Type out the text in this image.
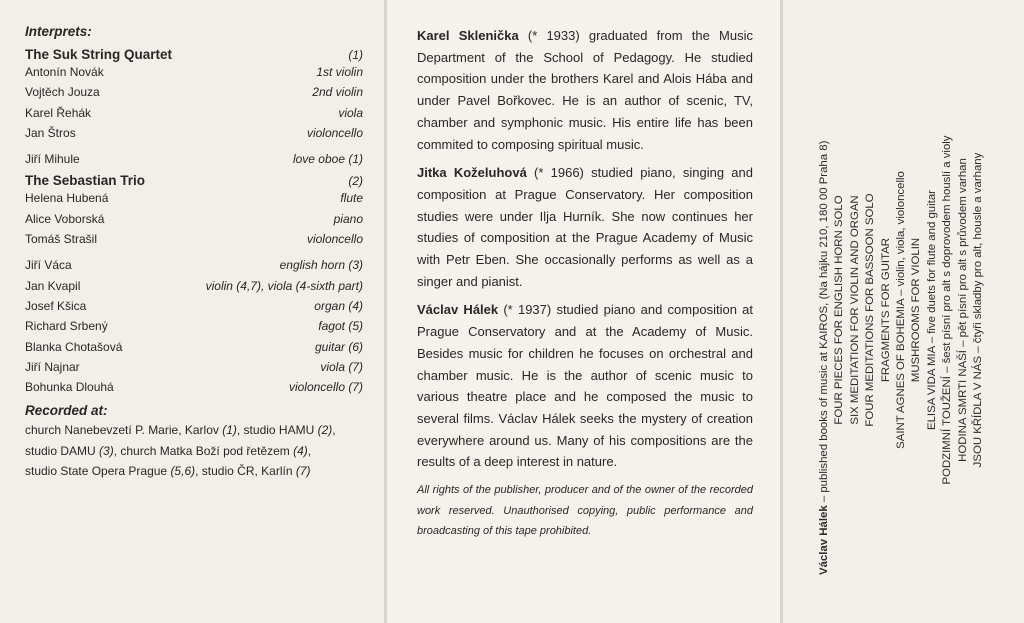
Interprets:

The Suk String Quartet	(1)
Antonín Novák	1st violin
Vojtěch Jouza	2nd violin
Karel Řehák	viola
Jan Štros	violoncello
Jiří Mihule	love oboe (1)
The Sebastian Trio	(2)
Helena Hubená	flute
Alice Voborská	piano
Tomáš Strašil	violoncello
Jiří Váca	english horn (3)
Jan Kvapil	violin (4,7), viola (4-sixth part)
Josef Kšica	organ (4)
Richard Srbený	fagot (5)
Blanka Chotašová	guitar (6)
Jiří Najnar	viola (7)
Bohunka Dlouhá	violoncello (7)

Recorded at:

church Nanebevzetí P. Marie, Karlov (1), studio HAMU (2),
studio DAMU (3), church Matka Boží pod řetězem (4),
studio State Opera Prague (5,6), studio ČR, Karlín (7)

Karel Sklenička (* 1933) graduated from the Music Department of the School of Pedagogy. He studied composition under the brothers Karel and Alois Hába and under Pavel Bořkovec. He is an author of scenic, TV, chamber and symphonic music. His entire life has been commited to composing spiritual music.

Jitka Koželuhová (* 1966) studied piano, singing and composition at Prague Conservatory. Her composition studies were under Ilja Hurník. She now continues her studies of composition at the Prague Academy of Music with Petr Eben. She occasionally performs as well as a singer and pianist.

Václav Hálek (* 1937) studied piano and composition at Prague Conservatory and at the Academy of Music. Besides music for children he focuses on orchestral and chamber music. He is the author of scenic music to various theatre place and he composed the music to several films. Václav Hálek seeks the mystery of creation everywhere around us. Many of his compositions are the results of a deep interest in nature.

All rights of the publisher, producer and of the owner of the recorded work reserved. Unauthorised copying, public performance and broadcasting of this tape prohibited.	Václav Hálek – published books of music at KAIROS, (Na hájku 210, 180 00 Praha 8) FOUR PIECES FOR ENGLISH HORN SOLO SIX MEDITATION FOR VIOLIN AND ORGAN FOUR MEDITATIONS FOR BASSOON SOLO FRAGMENTS FOR GUITAR SAINT AGNES OF BOHEMIA – violin, viola, violoncello MUSHROOMS FOR VIOLIN ELISA VIDA MIA – five duets for flute and guitar PODZIMNÍ TOUŽENÍ – šest písní pro alt s doprovodem houslí a violy HODINA SMRTI NAŠÍ – pět písní pro alt s průvodem varhan JSOU KŘÍDLA V NÁS – čtyři skladby pro alt, housle a varhany
